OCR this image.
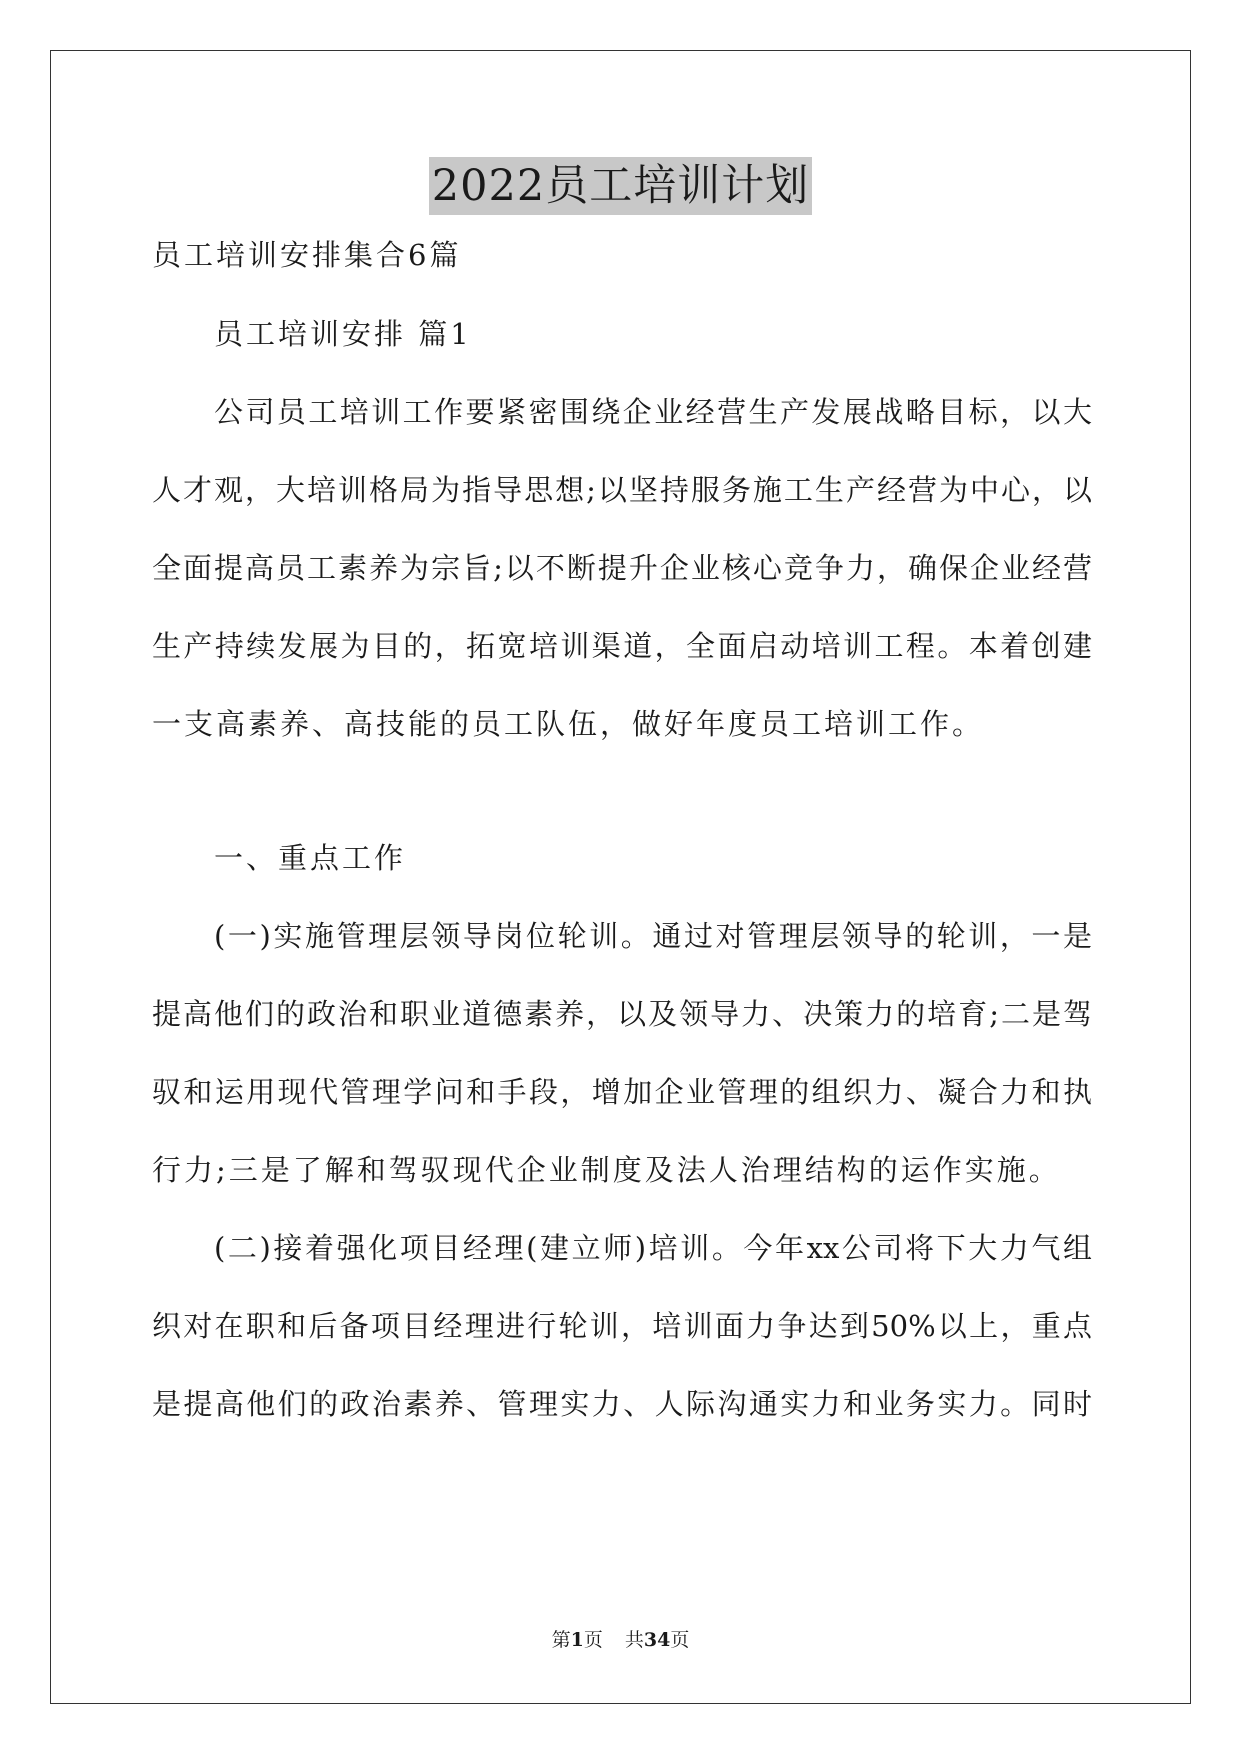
2022员工培训计划

员工培训安排集合6篇

员工培训安排 篇1

公司员工培训工作要紧密围绕企业经营生产发展战略目标，以大

人才观，大培训格局为指导思想;以坚持服务施工生产经营为中心，以

全面提高员工素养为宗旨;以不断提升企业核心竞争力，确保企业经营

生产持续发展为目的，拓宽培训渠道，全面启动培训工程。本着创建

一支高素养、高技能的员工队伍，做好年度员工培训工作。

一、重点工作

(一)实施管理层领导岗位轮训。通过对管理层领导的轮训，一是

提高他们的政治和职业道德素养，以及领导力、决策力的培育;二是驾

驭和运用现代管理学问和手段，增加企业管理的组织力、凝合力和执

行力;三是了解和驾驭现代企业制度及法人治理结构的运作实施。

(二)接着强化项目经理(建立师)培训。今年xx公司将下大力气组

织对在职和后备项目经理进行轮训，培训面力争达到50%以上，重点

是提高他们的政治素养、管理实力、人际沟通实力和业务实力。同时

第1页 共34页
